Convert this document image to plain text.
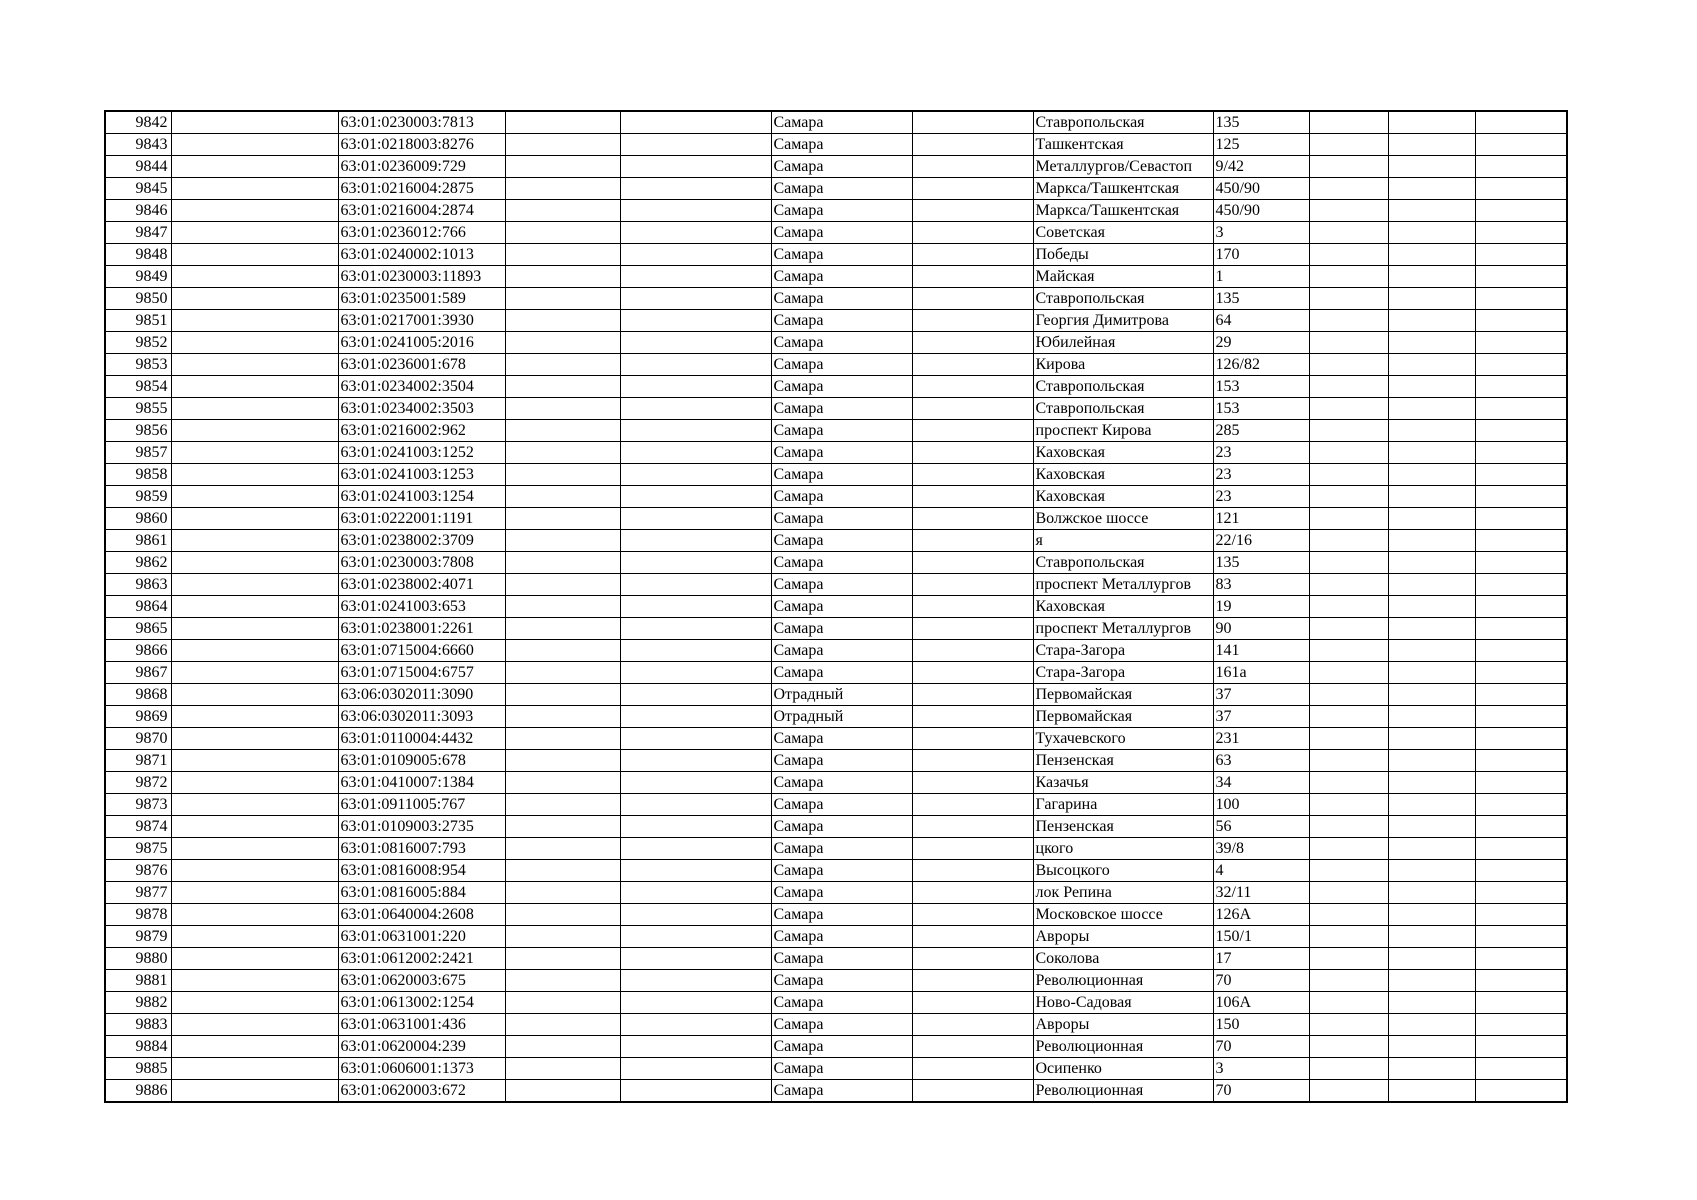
9842		63:01:0230003:7813			Самара		Ставропольская	135			
9843		63:01:0218003:8276			Самара		Ташкентская	125			
9844		63:01:0236009:729			Самара		Металлургов/Севастоп	9/42			
9845		63:01:0216004:2875			Самара		Маркса/Ташкентская	450/90			
9846		63:01:0216004:2874			Самара		Маркса/Ташкентская	450/90			
9847		63:01:0236012:766			Самара		Советская	3			
9848		63:01:0240002:1013			Самара		Победы	170			
9849		63:01:0230003:11893			Самара		Майская	1			
9850		63:01:0235001:589			Самара		Ставропольская	135			
9851		63:01:0217001:3930			Самара		Георгия Димитрова	64			
9852		63:01:0241005:2016			Самара		Юбилейная	29			
9853		63:01:0236001:678			Самара		Кирова	126/82			
9854		63:01:0234002:3504			Самара		Ставропольская	153			
9855		63:01:0234002:3503			Самара		Ставропольская	153			
9856		63:01:0216002:962			Самара		проспект Кирова	285			
9857		63:01:0241003:1252			Самара		Каховская	23			
9858		63:01:0241003:1253			Самара		Каховская	23			
9859		63:01:0241003:1254			Самара		Каховская	23			
9860		63:01:0222001:1191			Самара		Волжское шоссе	121			
9861		63:01:0238002:3709			Самара		я	22/16			
9862		63:01:0230003:7808			Самара		Ставропольская	135			
9863		63:01:0238002:4071			Самара		проспект Металлургов	83			
9864		63:01:0241003:653			Самара		Каховская	19			
9865		63:01:0238001:2261			Самара		проспект Металлургов	90			
9866		63:01:0715004:6660			Самара		Стара-Загора	141			
9867		63:01:0715004:6757			Самара		Стара-Загора	161а			
9868		63:06:0302011:3090			Отрадный		Первомайская	37			
9869		63:06:0302011:3093			Отрадный		Первомайская	37			
9870		63:01:0110004:4432			Самара		Тухачевского	231			
9871		63:01:0109005:678			Самара		Пензенская	63			
9872		63:01:0410007:1384			Самара		Казачья	34			
9873		63:01:0911005:767			Самара		Гагарина	100			
9874		63:01:0109003:2735			Самара		Пензенская	56			
9875		63:01:0816007:793			Самара		цкого	39/8			
9876		63:01:0816008:954			Самара		Высоцкого	4			
9877		63:01:0816005:884			Самара		лок Репина	32/11			
9878		63:01:0640004:2608			Самара		Московское шоссе	126А			
9879		63:01:0631001:220			Самара		Авроры	150/1			
9880		63:01:0612002:2421			Самара		Соколова	17			
9881		63:01:0620003:675			Самара		Революционная	70			
9882		63:01:0613002:1254			Самара		Ново-Садовая	106А			
9883		63:01:0631001:436			Самара		Авроры	150			
9884		63:01:0620004:239			Самара		Революционная	70			
9885		63:01:0606001:1373			Самара		Осипенко	3			
9886		63:01:0620003:672			Самара		Революционная	70			
